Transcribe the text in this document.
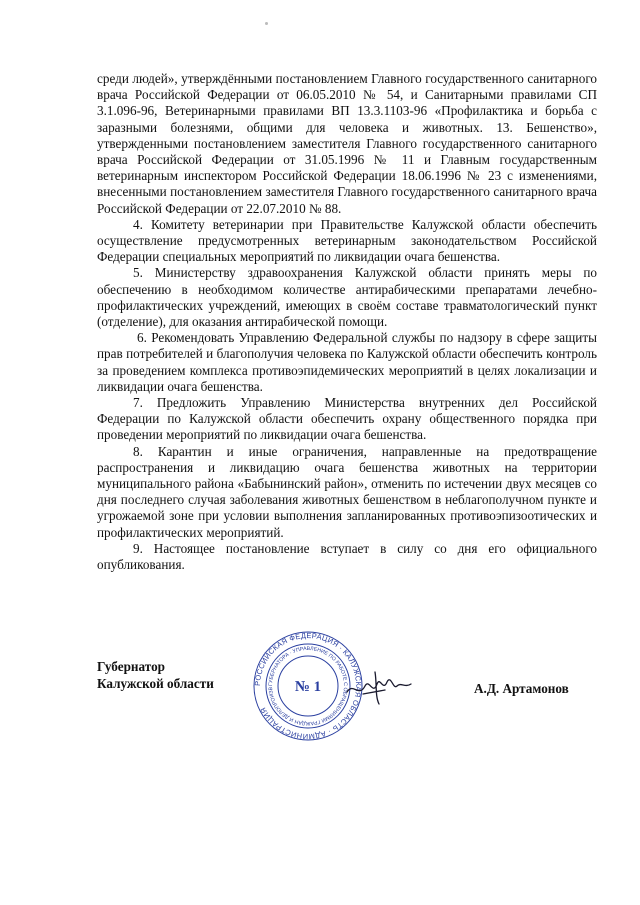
среди людей», утверждёнными постановлением Главного государственного санитарного врача Российской Федерации от 06.05.2010 № 54, и Санитарными правилами СП 3.1.096-96, Ветеринарными правилами ВП 13.3.1103-96 «Профилактика и борьба с заразными болезнями, общими для человека и животных. 13. Бешенство», утвержденными постановлением заместителя Главного государственного санитарного врача Российской Федерации от 31.05.1996 № 11 и Главным государственным ветеринарным инспектором Российской Федерации 18.06.1996 № 23 с изменениями, внесенными постановлением заместителя Главного государственного санитарного врача Российской Федерации от 22.07.2010 № 88.

4. Комитету ветеринарии при Правительстве Калужской области обеспечить осуществление предусмотренных ветеринарным законодательством Российской Федерации специальных мероприятий по ликвидации очага бешенства.

5. Министерству здравоохранения Калужской области принять меры по обеспечению в необходимом количестве антирабическими препаратами лечебно-профилактических учреждений, имеющих в своём составе травматологический пункт (отделение), для оказания антирабической помощи.

6. Рекомендовать Управлению Федеральной службы по надзору в сфере защиты прав потребителей и благополучия человека по Калужской области обеспечить контроль за проведением комплекса противоэпидемических мероприятий в целях локализации и ликвидации очага бешенства.

7. Предложить Управлению Министерства внутренних дел Российской Федерации по Калужской области обеспечить охрану общественного порядка при проведении мероприятий по ликвидации очага бешенства.

8. Карантин и иные ограничения, направленные на предотвращение распространения и ликвидацию очага бешенства животных на территории муниципального района «Бабынинский район», отменить по истечении двух месяцев со дня последнего случая заболевания животных бешенством в неблагополучном пункте и угрожаемой зоне при условии выполнения запланированных противоэпизоотических и профилактических мероприятий.

9. Настоящее постановление вступает в силу со дня его официального опубликования.

Губернатор
Калужской области	РОССИЙСКАЯ ФЕДЕРАЦИЯ · КАЛУЖСКАЯ ОБЛАСТЬ · АДМИНИСТРАЦИЯ
ГУБЕРНАТОРА · УПРАВЛЕНИЕ ПО РАБОТЕ С ОБРАЩЕНИЯМИ ГРАЖДАН И ДЕЛОПРОИЗВ	№ 1	А.Д. Артамонов
